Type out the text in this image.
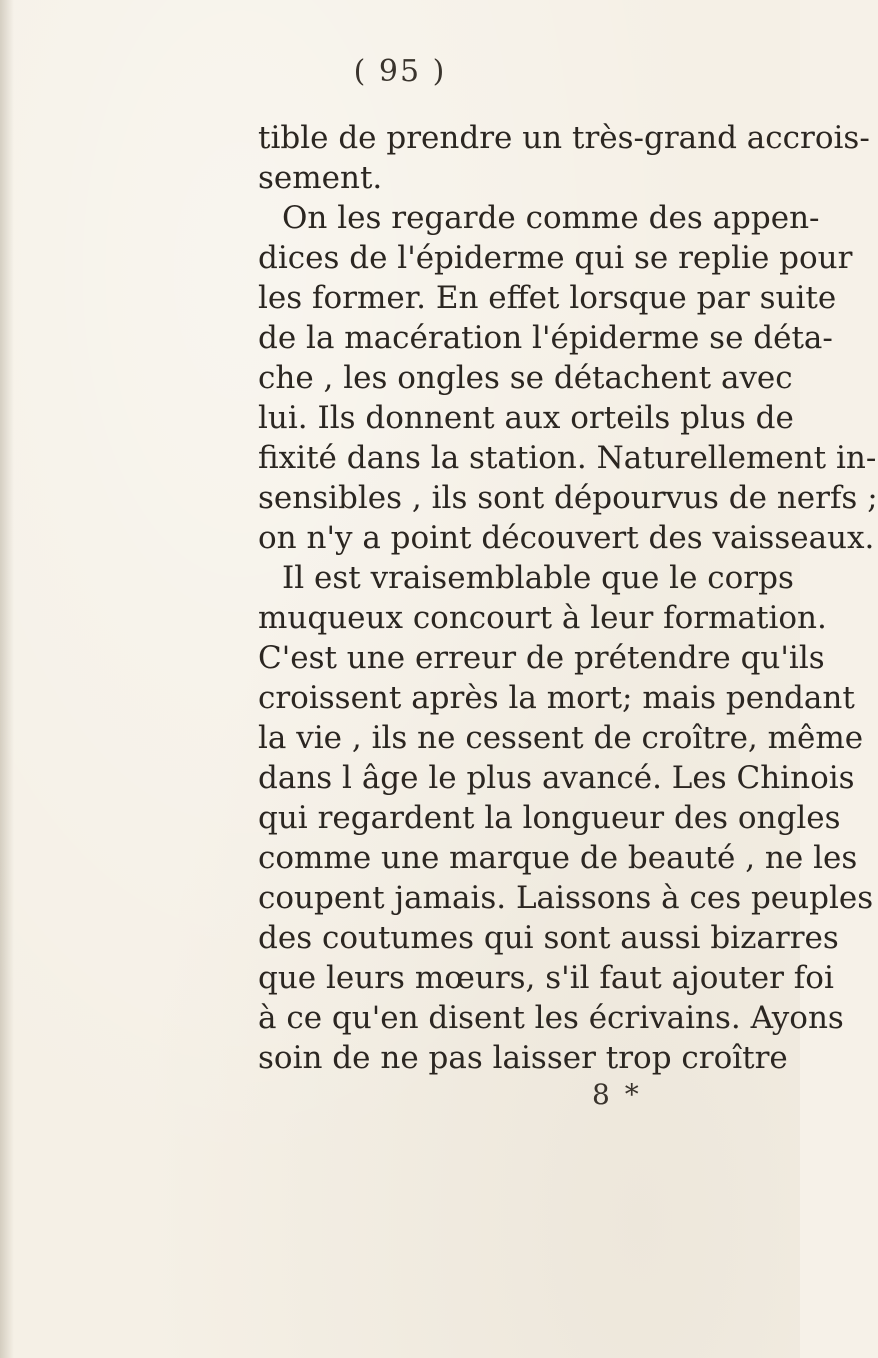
( 95 )
tible de prendre un très-grand accrois-
sement.
On les regarde comme des appen-
dices de l'épiderme qui se replie pour
les former. En effet lorsque par suite
de la macération l'épiderme se déta-
che , les ongles se détachent avec
lui. Ils donnent aux orteils plus de
fixité dans la station. Naturellement in-
sensibles , ils sont dépourvus de nerfs ;
on n'y a point découvert des vaisseaux.
Il est vraisemblable que le corps
muqueux concourt à leur formation.
C'est une erreur de prétendre qu'ils
croissent après la mort; mais pendant
la vie , ils ne cessent de croître, même
dans l âge le plus avancé. Les Chinois
qui regardent la longueur des ongles
comme une marque de beauté , ne les
coupent jamais. Laissons à ces peuples
des coutumes qui sont aussi bizarres
que leurs mœurs, s'il faut ajouter foi
à ce qu'en disent les écrivains. Ayons
soin de ne pas laisser trop croître
8 *
